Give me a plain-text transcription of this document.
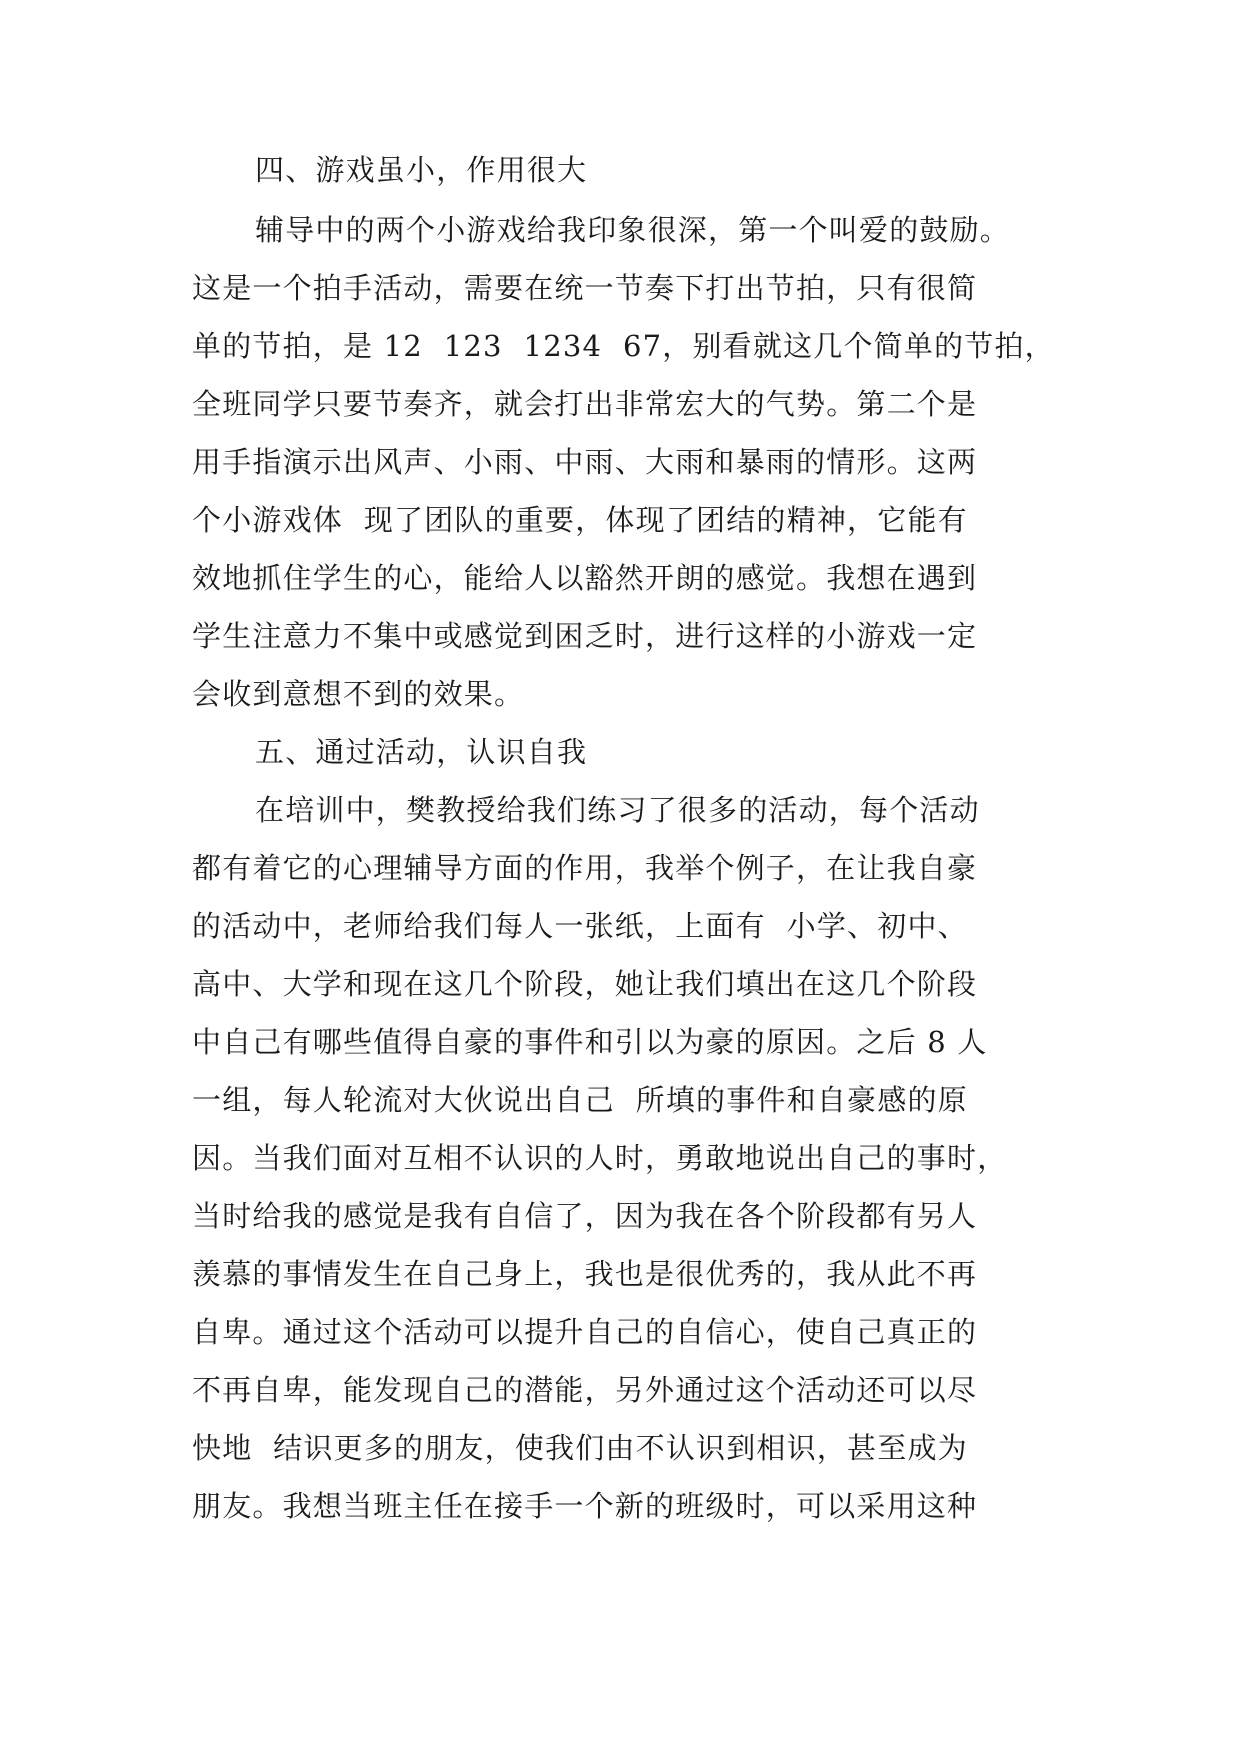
四、游戏虽小，作用很大
辅导中的两个小游戏给我印象很深，第一个叫爱的鼓励。
这是一个拍手活动，需要在统一节奏下打出节拍，只有很简
单的节拍，是 12  123  1234  67，别看就这几个简单的节拍，
全班同学只要节奏齐，就会打出非常宏大的气势。第二个是
用手指演示出风声、小雨、中雨、大雨和暴雨的情形。这两
个小游戏体  现了团队的重要，体现了团结的精神，它能有
效地抓住学生的心，能给人以豁然开朗的感觉。我想在遇到
学生注意力不集中或感觉到困乏时，进行这样的小游戏一定
会收到意想不到的效果。
五、通过活动，认识自我
在培训中，樊教授给我们练习了很多的活动，每个活动
都有着它的心理辅导方面的作用，我举个例子，在让我自豪
的活动中，老师给我们每人一张纸，上面有  小学、初中、
高中、大学和现在这几个阶段，她让我们填出在这几个阶段
中自己有哪些值得自豪的事件和引以为豪的原因。之后 8 人
一组，每人轮流对大伙说出自己  所填的事件和自豪感的原
因。当我们面对互相不认识的人时，勇敢地说出自己的事时，
当时给我的感觉是我有自信了，因为我在各个阶段都有另人
羡慕的事情发生在自己身上，我也是很优秀的，我从此不再
自卑。通过这个活动可以提升自己的自信心，使自己真正的
不再自卑，能发现自己的潜能，另外通过这个活动还可以尽
快地  结识更多的朋友，使我们由不认识到相识，甚至成为
朋友。我想当班主任在接手一个新的班级时，可以采用这种
